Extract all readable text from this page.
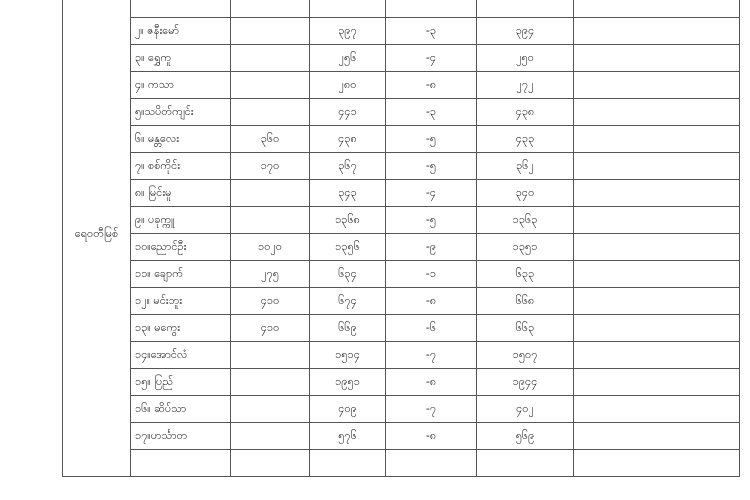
ရေဝတီမြစ်						
	၂။ ဇနီးမော်		၃၉၇	-၃	၃၉၄	
	၃။ ရွှေကူ		၂၅၆	-၄	၂၅၀	
	၄။ ကသာ		၂၈၀	-၈	၂၇၂	
	၅။သပိတ်ကျင်း		၄၄၁	-၃	၄၃၈	
	၆။ မန္တလေး	၃၆၀	၄၃၈	-၅	၄၃၃	
	၇။ စစ်ကိုင်း	၁၇၀	၃၆၇	-၅	၃၆၂	
	၈။ မြင်းမူ		၃၄၃	-၄	၃၄၀	
	၉။ ပခုက္ကူ		၁၃၆၈	-၅	၁၃၆၃	
	၁၀။ညောင်ဦး	၁၀၂၀	၁၃၅၆	-၉	၁၃၅၁	
	၁၁။ ချောက်	၂၇၅	၆၃၄	-၁	၆၃၃	
	၁၂။ မင်းဘူး	၄၁၀	၆၇၄	-၈	၆၆၈	
	၁၃။ မကွေး	၄၁၀	၆၆၉	-၆	၆၆၃	
	၁၄။အောင်လံ		၁၅၁၄	-၇	၁၅၀၇	
	၁၅။ ပြည်		၁၉၅၁	-၈	၁၉၄၄	
	၁၆။ ဆိပ်သာ		၄၀၉	-၇	၄၀၂	
	၁၇။ဟင်္သာတ		၅၇၆	-၈	၅၆၉	
